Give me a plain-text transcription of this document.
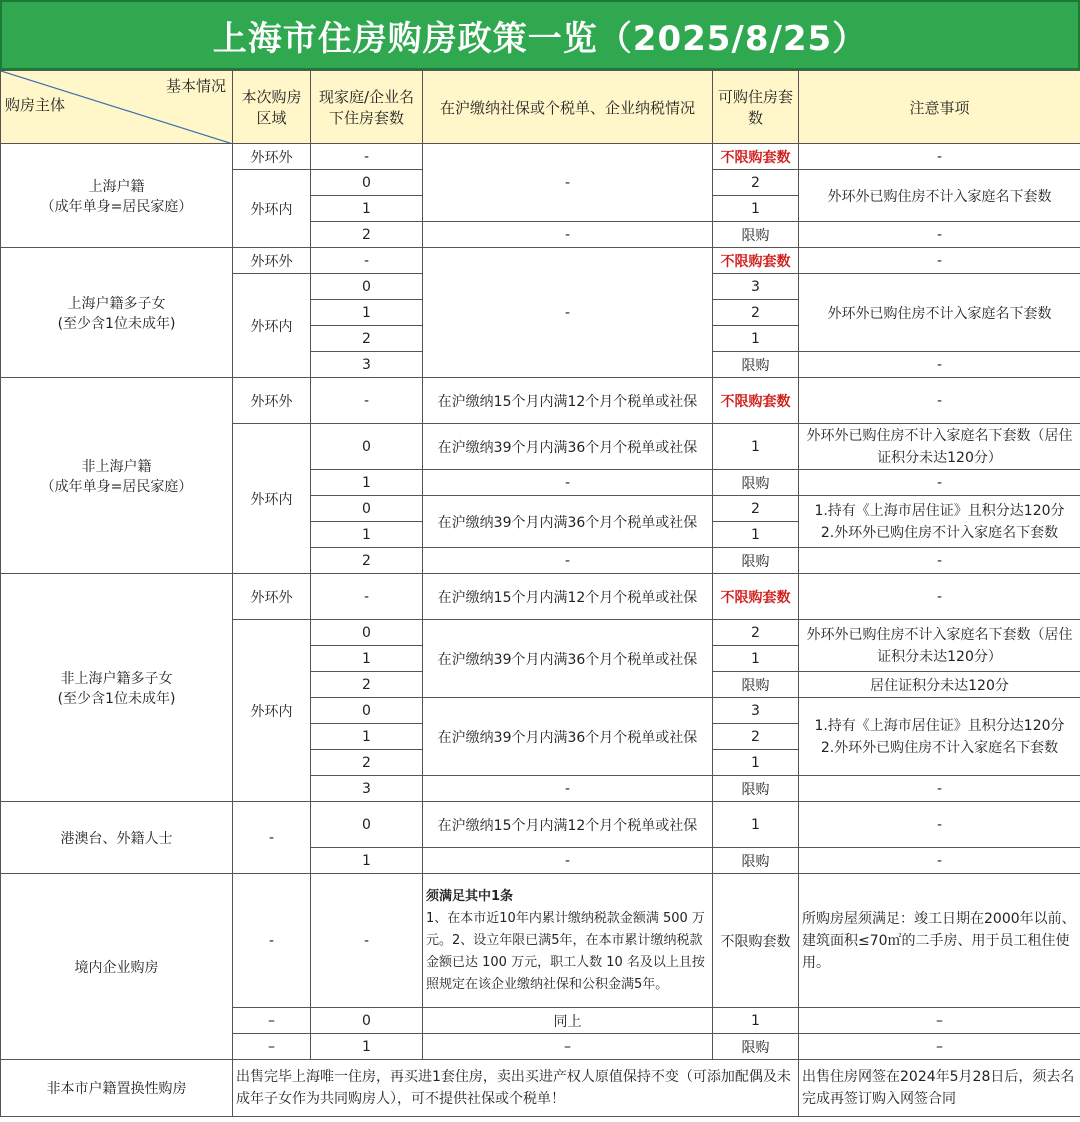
上海市住房购房政策一览（2025/8/25）
基本情况
购房主体	本次购房区域	现家庭/企业名下住房套数	在沪缴纳社保或个税单、企业纳税情况	可购住房套数	注意事项
上海户籍
（成年单身=居民家庭）	外环外	-	-	不限购套数	-
	外环内	0		2	外环外已购住房不计入家庭名下套数
		1		1	
		2	-	限购	-
上海户籍多子女
(至少含1位未成年)	外环外	-	-	不限购套数	-
	外环内	0		3	外环外已购住房不计入家庭名下套数
		1		2	
		2		1	
		3		限购	-
非上海户籍
（成年单身=居民家庭）	外环外	-	在沪缴纳15个月内满12个月个税单或社保	不限购套数	-
	外环内	0	在沪缴纳39个月内满36个月个税单或社保	1	外环外已购住房不计入家庭名下套数（居住证积分未达120分）
		1	-	限购	-
		0	在沪缴纳39个月内满36个月个税单或社保	2	1.持有《上海市居住证》且积分达120分
2.外环外已购住房不计入家庭名下套数
		1		1	
		2	-	限购	-
非上海户籍多子女
(至少含1位未成年)	外环外	-	在沪缴纳15个月内满12个月个税单或社保	不限购套数	-
	外环内	0	在沪缴纳39个月内满36个月个税单或社保	2	外环外已购住房不计入家庭名下套数（居住证积分未达120分）
		1		1	
		2		限购	居住证积分未达120分
		0	在沪缴纳39个月内满36个月个税单或社保	3	1.持有《上海市居住证》且积分达120分
2.外环外已购住房不计入家庭名下套数
		1		2	
		2		1	
		3	-	限购	-
港澳台、外籍人士	-	0	在沪缴纳15个月内满12个月个税单或社保	1	-
		1	-	限购	-
境内企业购房	-	-	须满足其中1条
1、在本市近10年内累计缴纳税款金额满 500 万元。2、设立年限已满5年，在本市累计缴纳税款金额已达 100 万元，职工人数 10 名及以上且按照规定在该企业缴纳社保和公积金满5年。	不限购套数	所购房屋须满足：竣工日期在2000年以前、建筑面积≤70㎡的二手房、用于员工租住使用。
	–	0	同上	1	–
	–	1	–	限购	–
非本市户籍置换性购房	出售完毕上海唯一住房，再买进1套住房，卖出买进产权人原值保持不变（可添加配偶及未成年子女作为共同购房人），可不提供社保或个税单！				出售住房网签在2024年5月28日后，须去名完成再签订购入网签合同
